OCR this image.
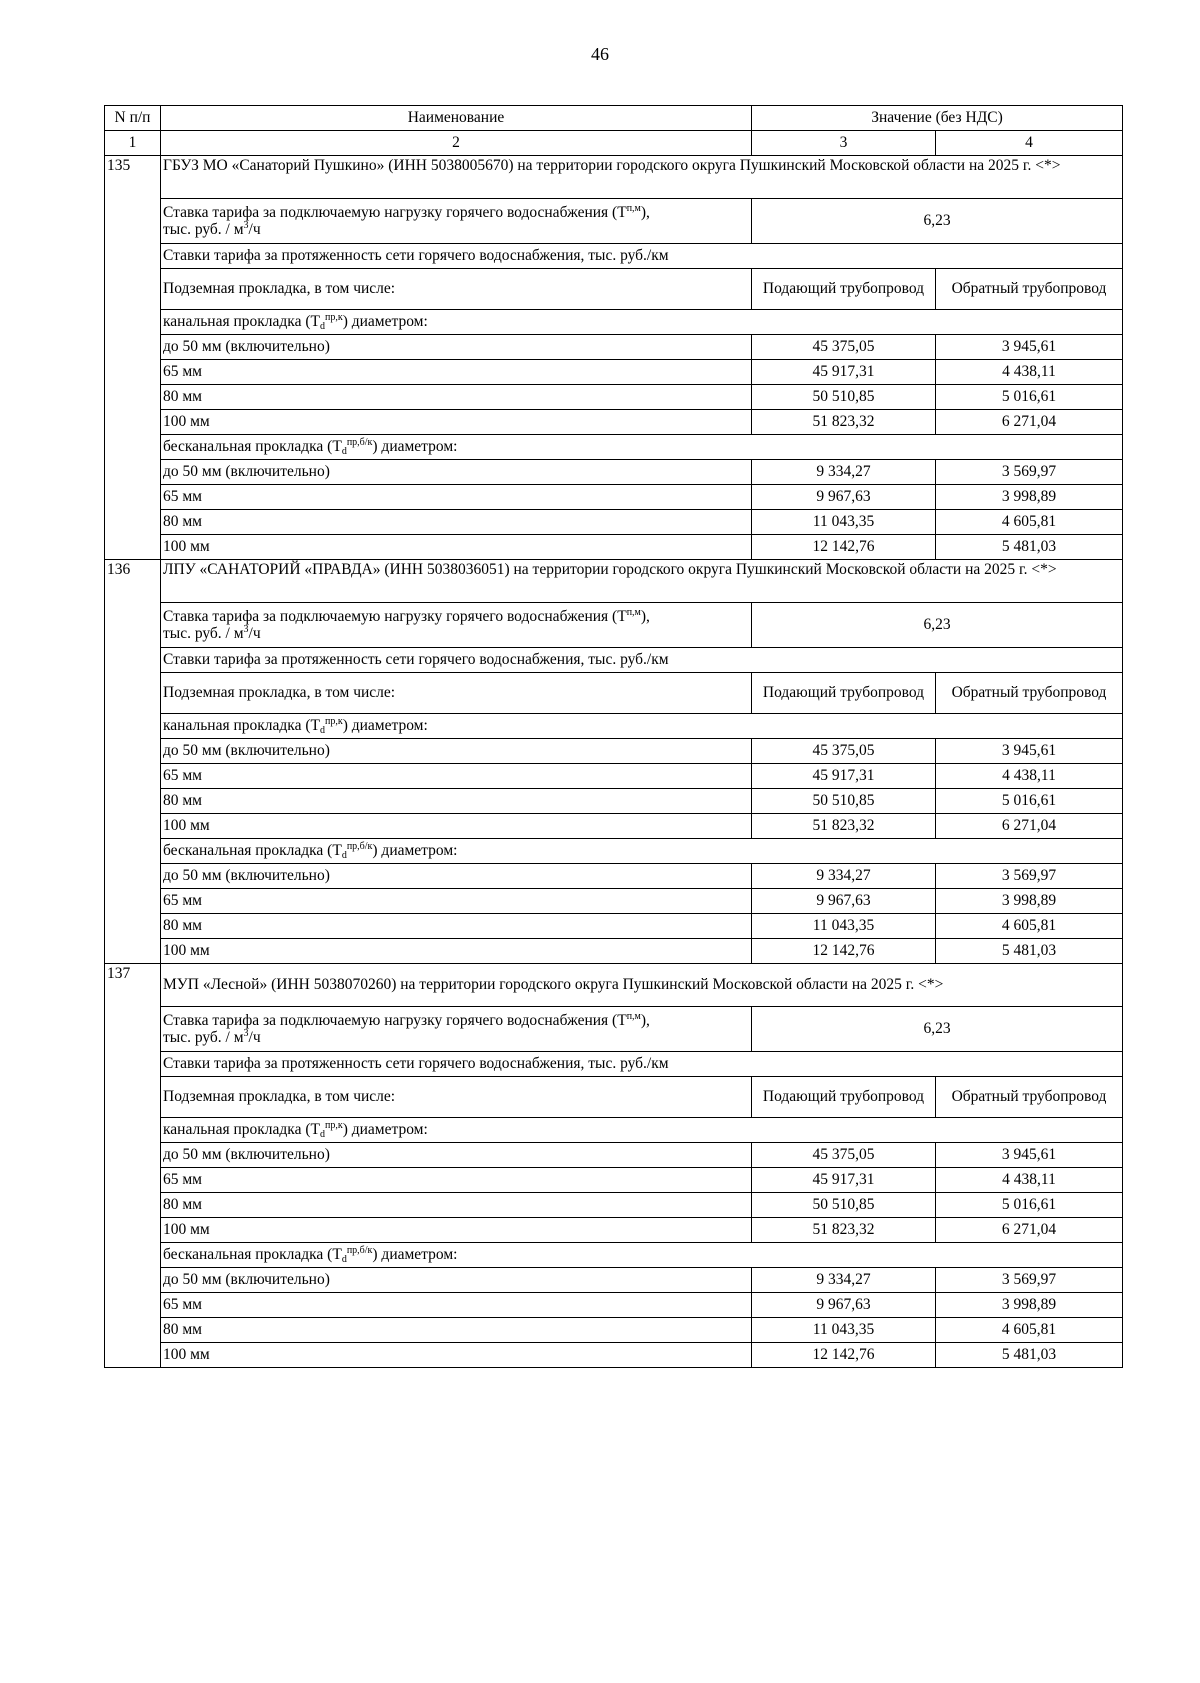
46
N п/п	Наименование	Значение (без НДС)	
1	2	3	4
135	ГБУЗ МО «Санаторий Пушкино» (ИНН 5038005670) на территории городского округа Пушкинский Московской области на 2025 г. <*>		
	Ставка тарифа за подключаемую нагрузку горячего водоснабжения $(Т^{п,м})$,
тыс. руб. / $м^3/ч$	6,23	
	Ставки тарифа за протяженность сети горячего водоснабжения, тыс. руб./км		
	Подземная прокладка, в том числе:	Подающий трубопровод	Обратный трубопровод
	канальная прокладка $(Т_d^{пр,к})$ диаметром:		
	до 50 мм (включительно)	45 375,05	3 945,61
	65 мм	45 917,31	4 438,11
	80 мм	50 510,85	5 016,61
	100 мм	51 823,32	6 271,04
	бесканальная прокладка $(Т_d^{пр,б/к})$ диаметром:		
	до 50 мм (включительно)	9 334,27	3 569,97
	65 мм	9 967,63	3 998,89
	80 мм	11 043,35	4 605,81
	100 мм	12 142,76	5 481,03
136	ЛПУ «САНАТОРИЙ «ПРАВДА» (ИНН 5038036051) на территории городского округа Пушкинский Московской области на 2025 г. <*>		
	Ставка тарифа за подключаемую нагрузку горячего водоснабжения $(Т^{п,м})$,
тыс. руб. / $м^3/ч$	6,23	
	Ставки тарифа за протяженность сети горячего водоснабжения, тыс. руб./км		
	Подземная прокладка, в том числе:	Подающий трубопровод	Обратный трубопровод
	канальная прокладка $(Т_d^{пр,к})$ диаметром:		
	до 50 мм (включительно)	45 375,05	3 945,61
	65 мм	45 917,31	4 438,11
	80 мм	50 510,85	5 016,61
	100 мм	51 823,32	6 271,04
	бесканальная прокладка $(Т_d^{пр,б/к})$ диаметром:		
	до 50 мм (включительно)	9 334,27	3 569,97
	65 мм	9 967,63	3 998,89
	80 мм	11 043,35	4 605,81
	100 мм	12 142,76	5 481,03
137	МУП «Лесной» (ИНН 5038070260) на территории городского округа Пушкинский Московской области на 2025 г. <*>		
	Ставка тарифа за подключаемую нагрузку горячего водоснабжения $(Т^{п,м})$,
тыс. руб. / $м^3/ч$	6,23	
	Ставки тарифа за протяженность сети горячего водоснабжения, тыс. руб./км		
	Подземная прокладка, в том числе:	Подающий трубопровод	Обратный трубопровод
	канальная прокладка $(Т_d^{пр,к})$ диаметром:		
	до 50 мм (включительно)	45 375,05	3 945,61
	65 мм	45 917,31	4 438,11
	80 мм	50 510,85	5 016,61
	100 мм	51 823,32	6 271,04
	бесканальная прокладка $(Т_d^{пр,б/к})$ диаметром:		
	до 50 мм (включительно)	9 334,27	3 569,97
	65 мм	9 967,63	3 998,89
	80 мм	11 043,35	4 605,81
	100 мм	12 142,76	5 481,03
